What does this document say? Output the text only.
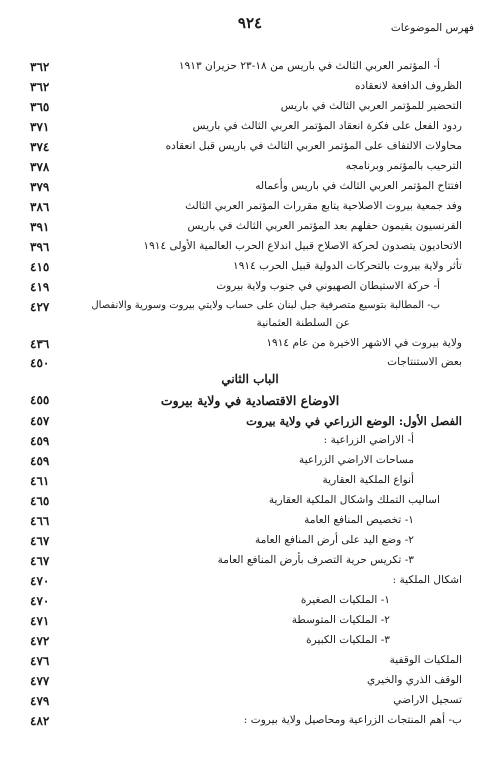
٩٢٤	فهرس الموضوعات
أ- المؤتمر العربي الثالث في باريس من ١٨-٢٣ حزيران ١٩١٣
٣٦٢
الظروف الدافعة لانعقاده
٣٦٢
التحضير للمؤتمر العربي الثالث في باريس
٣٦٥
ردود الفعل على فكرة انعقاد المؤتمر العربي الثالث في باريس
٣٧١
محاولات الالتفاف على المؤتمر العربي الثالث في باريس قبل انعقاده
٣٧٤
الترحيب بالمؤتمر وبرنامجه
٣٧٨
افتتاح المؤتمر العربي الثالث في باريس وأعماله
٣٧٩
وفد جمعية بيروت الاصلاحية يتابع مقررات المؤتمر العربي الثالث
٣٨٦
الفرنسيون يقيمون حفلهم بعد المؤتمر العربي الثالث في باريس
٣٩١
الاتحاديون يتصدون لحركة الاصلاح قبيل اندلاع الحرب العالمية الأولى ١٩١٤
٣٩٦
تأثر ولاية بيروت بالتحركات الدولية قبيل الحرب ١٩١٤
٤١٥
أ- حركة الاستيطان الصهيوني في جنوب ولاية بيروت
٤١٩
ب- المطالبة بتوسيع متصرفية جبل لبنان على حساب ولايتي بيروت وسورية والانفصال
٤٢٧
عن السلطنة العثمانية
ولاية بيروت في الاشهر الاخيرة من عام ١٩١٤
٤٣٦
بعض الاستنتاجات
٤٥٠
الباب الثاني
الاوضاع الاقتصادية في ولاية بيروت
٤٥٥
الفصل الأول: الوضع الزراعي في ولاية بيروت
٤٥٧
أ- الاراضي الزراعية :
٤٥٩
مساحات الاراضي الزراعية
٤٥٩
أنواع الملكية العقارية
٤٦١
اساليب التملك واشكال الملكية العقارية
٤٦٥
١- تخصيص المنافع العامة
٤٦٦
٢- وضع اليد على أرض المنافع العامة
٤٦٧
٣- تكريس حرية التصرف بأرض المنافع العامة
٤٦٧
اشكال الملكية :
٤٧٠
١- الملكيات الصغيرة
٤٧٠
٢- الملكيات المتوسطة
٤٧١
٣- الملكيات الكبيرة
٤٧٢
الملكيات الوقفية
٤٧٦
الوقف الذري والخيري
٤٧٧
تسجيل الاراضي
٤٧٩
ب- أهم المنتجات الزراعية ومحاصيل ولاية بيروت :
٤٨٢
